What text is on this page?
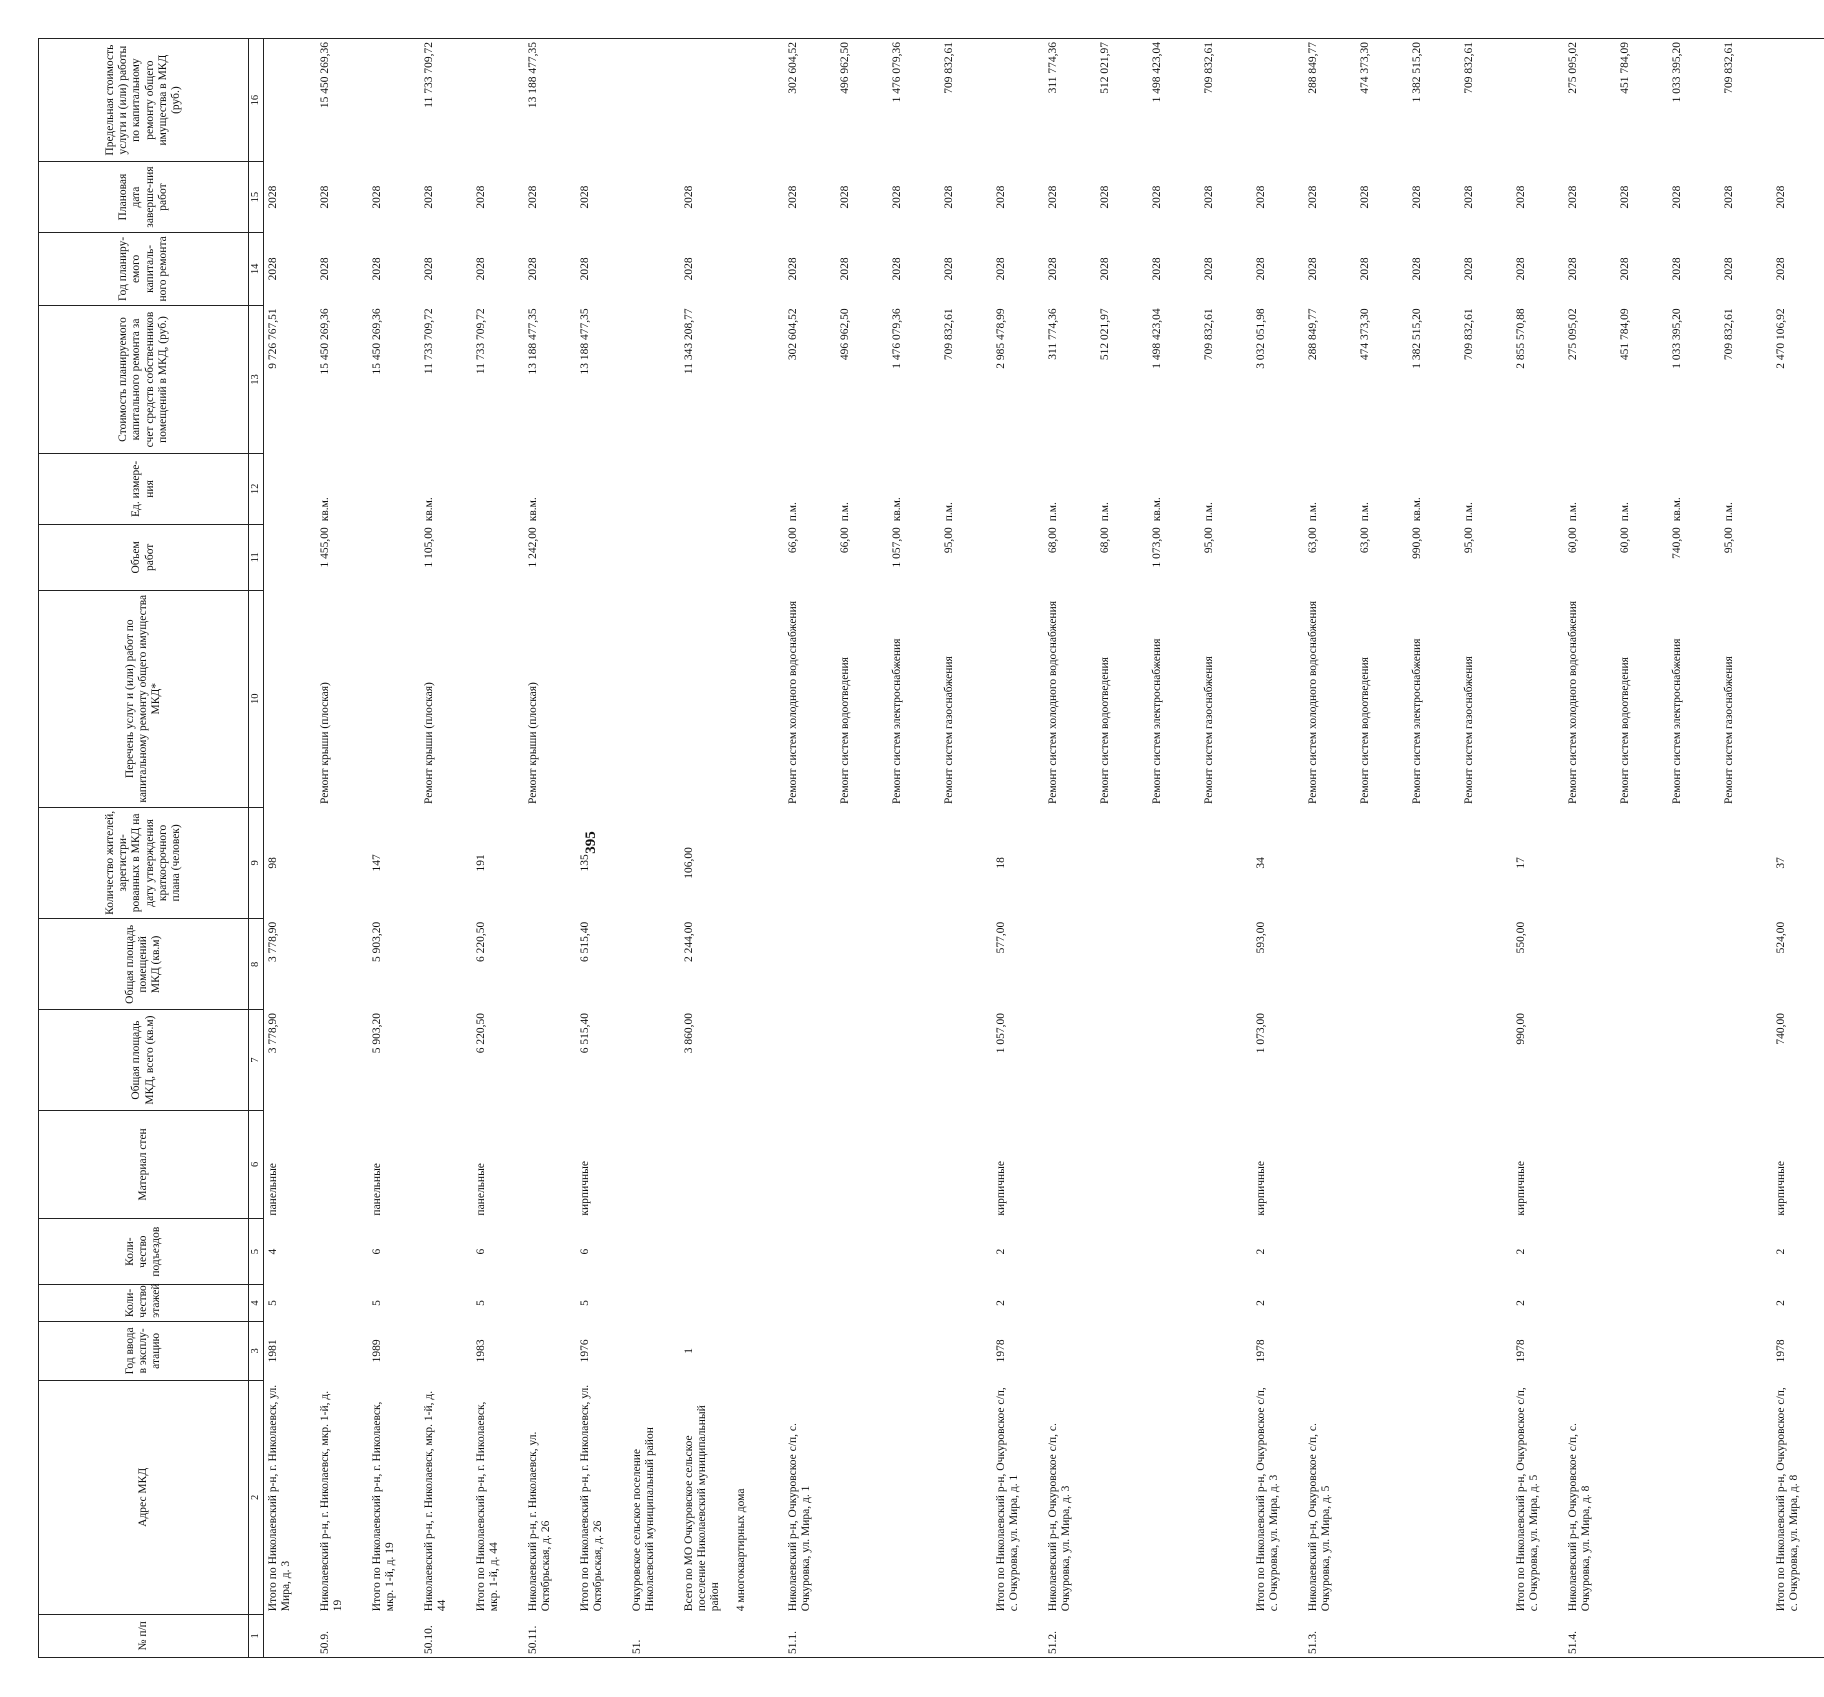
395
№ п/п	Адрес МКД	Год ввода в эксплу-атацию	Коли-чество этажей	Коли-чество подъездов	Материал стен	Общая площадь МКД, всего (кв.м)	Общая площадь помещений МКД (кв.м)	Количество жителей, зарегистри-рованных в МКД на дату утверждения краткосрочного плана (человек)	Перечень услуг и (или) работ по капитальному ремонту общего имущества МКД*	Объем работ	Ед. измере-ния	Стоимость планируемого капитального ремонта за счет средств собственников помещений в МКД, (руб.)	Год планиру-емого капиталь-ного ремонта	Плановая дата заверше-ния работ	Предельная стоимость услуги и (или) работы по капитальному ремонту общего имущества в МКД (руб.)
1	2	3	4	5	6	7	8	9	10	11	12	13	14	15	16
	Итого по Николаевский р-н, г. Николаевск, ул. Мира, д. 3	1981	5	4	панельные	3 778,90	3 778,90	98				9 726 767,51	2028	2028	
50.9.	Николаевский р-н, г. Николаевск, мкр. 1-й, д. 19								Ремонт крыши (плоская)	1 455,00	кв.м.	15 450 269,36	2028	2028	15 450 269,36
	Итого по Николаевский р-н, г. Николаевск, мкр. 1-й, д. 19	1989	5	6	панельные	5 903,20	5 903,20	147				15 450 269,36	2028	2028	
50.10.	Николаевский р-н, г. Николаевск, мкр. 1-й, д. 44								Ремонт крыши (плоская)	1 105,00	кв.м.	11 733 709,72	2028	2028	11 733 709,72
	Итого по Николаевский р-н, г. Николаевск, мкр. 1-й, д. 44	1983	5	6	панельные	6 220,50	6 220,50	191				11 733 709,72	2028	2028	
50.11.	Николаевский р-н, г. Николаевск, ул. Октябрьская, д. 26								Ремонт крыши (плоская)	1 242,00	кв.м.	13 188 477,35	2028	2028	13 188 477,35
	Итого по Николаевский р-н, г. Николаевск, ул. Октябрьская, д. 26	1976	5	6	кирпичные	6 515,40	6 515,40	135				13 188 477,35	2028	2028	
51.	Очкуровское сельское поселение Николаевский муниципальный район														
	Всего по МО Очкуровское сельское поселение Николаевский муниципальный район	1				3 860,00	2 244,00	106,00				11 343 208,77	2028	2028	
	4 многоквартирных дома														
51.1.	Николаевский р-н, Очкуровское с/п, с. Очкуровка, ул. Мира, д. 1								Ремонт систем холодного водоснабжения	66,00	п.м.	302 604,52	2028	2028	302 604,52
									Ремонт систем водоотведения	66,00	п.м.	496 962,50	2028	2028	496 962,50
									Ремонт систем электроснабжения	1 057,00	кв.м.	1 476 079,36	2028	2028	1 476 079,36
									Ремонт систем газоснабжения	95,00	п.м.	709 832,61	2028	2028	709 832,61
	Итого по Николаевский р-н, Очкуровское с/п, с. Очкуровка, ул. Мира, д. 1	1978	2	2	кирпичные	1 057,00	577,00	18				2 985 478,99	2028	2028	
51.2.	Николаевский р-н, Очкуровское с/п, с. Очкуровка, ул. Мира, д. 3								Ремонт систем холодного водоснабжения	68,00	п.м.	311 774,36	2028	2028	311 774,36
									Ремонт систем водоотведения	68,00	п.м.	512 021,97	2028	2028	512 021,97
									Ремонт систем электроснабжения	1 073,00	кв.м.	1 498 423,04	2028	2028	1 498 423,04
									Ремонт систем газоснабжения	95,00	п.м.	709 832,61	2028	2028	709 832,61
	Итого по Николаевский р-н, Очкуровское с/п, с. Очкуровка, ул. Мира, д. 3	1978	2	2	кирпичные	1 073,00	593,00	34				3 032 051,98	2028	2028	
51.3.	Николаевский р-н, Очкуровское с/п, с. Очкуровка, ул. Мира, д. 5								Ремонт систем холодного водоснабжения	63,00	п.м.	288 849,77	2028	2028	288 849,77
									Ремонт систем водоотведения	63,00	п.м.	474 373,30	2028	2028	474 373,30
									Ремонт систем электроснабжения	990,00	кв.м.	1 382 515,20	2028	2028	1 382 515,20
									Ремонт систем газоснабжения	95,00	п.м.	709 832,61	2028	2028	709 832,61
	Итого по Николаевский р-н, Очкуровское с/п, с. Очкуровка, ул. Мира, д. 5	1978	2	2	кирпичные	990,00	550,00	17				2 855 570,88	2028	2028	
51.4.	Николаевский р-н, Очкуровское с/п, с. Очкуровка, ул. Мира, д. 8								Ремонт систем холодного водоснабжения	60,00	п.м.	275 095,02	2028	2028	275 095,02
									Ремонт систем водоотведения	60,00	п.м.	451 784,09	2028	2028	451 784,09
									Ремонт систем электроснабжения	740,00	кв.м.	1 033 395,20	2028	2028	1 033 395,20
									Ремонт систем газоснабжения	95,00	п.м.	709 832,61	2028	2028	709 832,61
	Итого по Николаевский р-н, Очкуровское с/п, с. Очкуровка, ул. Мира, д. 8	1978	2	2	кирпичные	740,00	524,00	37				2 470 106,92	2028	2028	
